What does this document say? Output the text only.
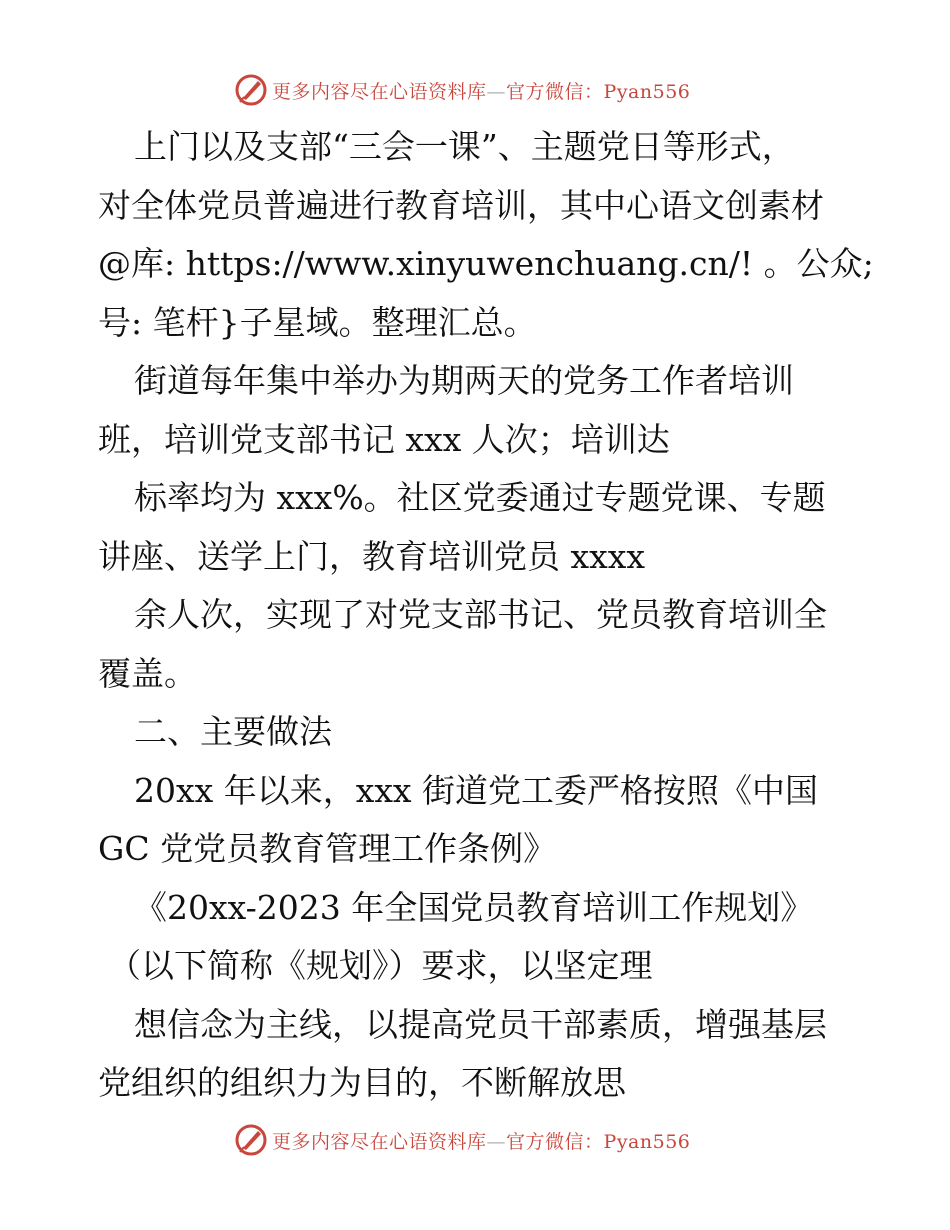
更多内容尽在心语资料库—官方微信：Pyan556
上门以及支部“三会一课”、主题党日等形式，
对全体党员普遍进行教育培训，其中心语文创素材
@库: https://www.xinyuwenchuang.cn/! 。公众;
号: 笔杆}子星域。整理汇总。
街道每年集中举办为期两天的党务工作者培训
班，培训党支部书记 xxx 人次；培训达
标率均为 xxx%。社区党委通过专题党课、专题
讲座、送学上门，教育培训党员 xxxx
余人次，实现了对党支部书记、党员教育培训全
覆盖。
二、主要做法
20xx 年以来，xxx 街道党工委严格按照《中国
GC 党党员教育管理工作条例》
《20xx-2023 年全国党员教育培训工作规划》
（以下简称《规划》）要求，以坚定理
想信念为主线，以提高党员干部素质，增强基层
党组织的组织力为目的，不断解放思
更多内容尽在心语资料库—官方微信：Pyan556
